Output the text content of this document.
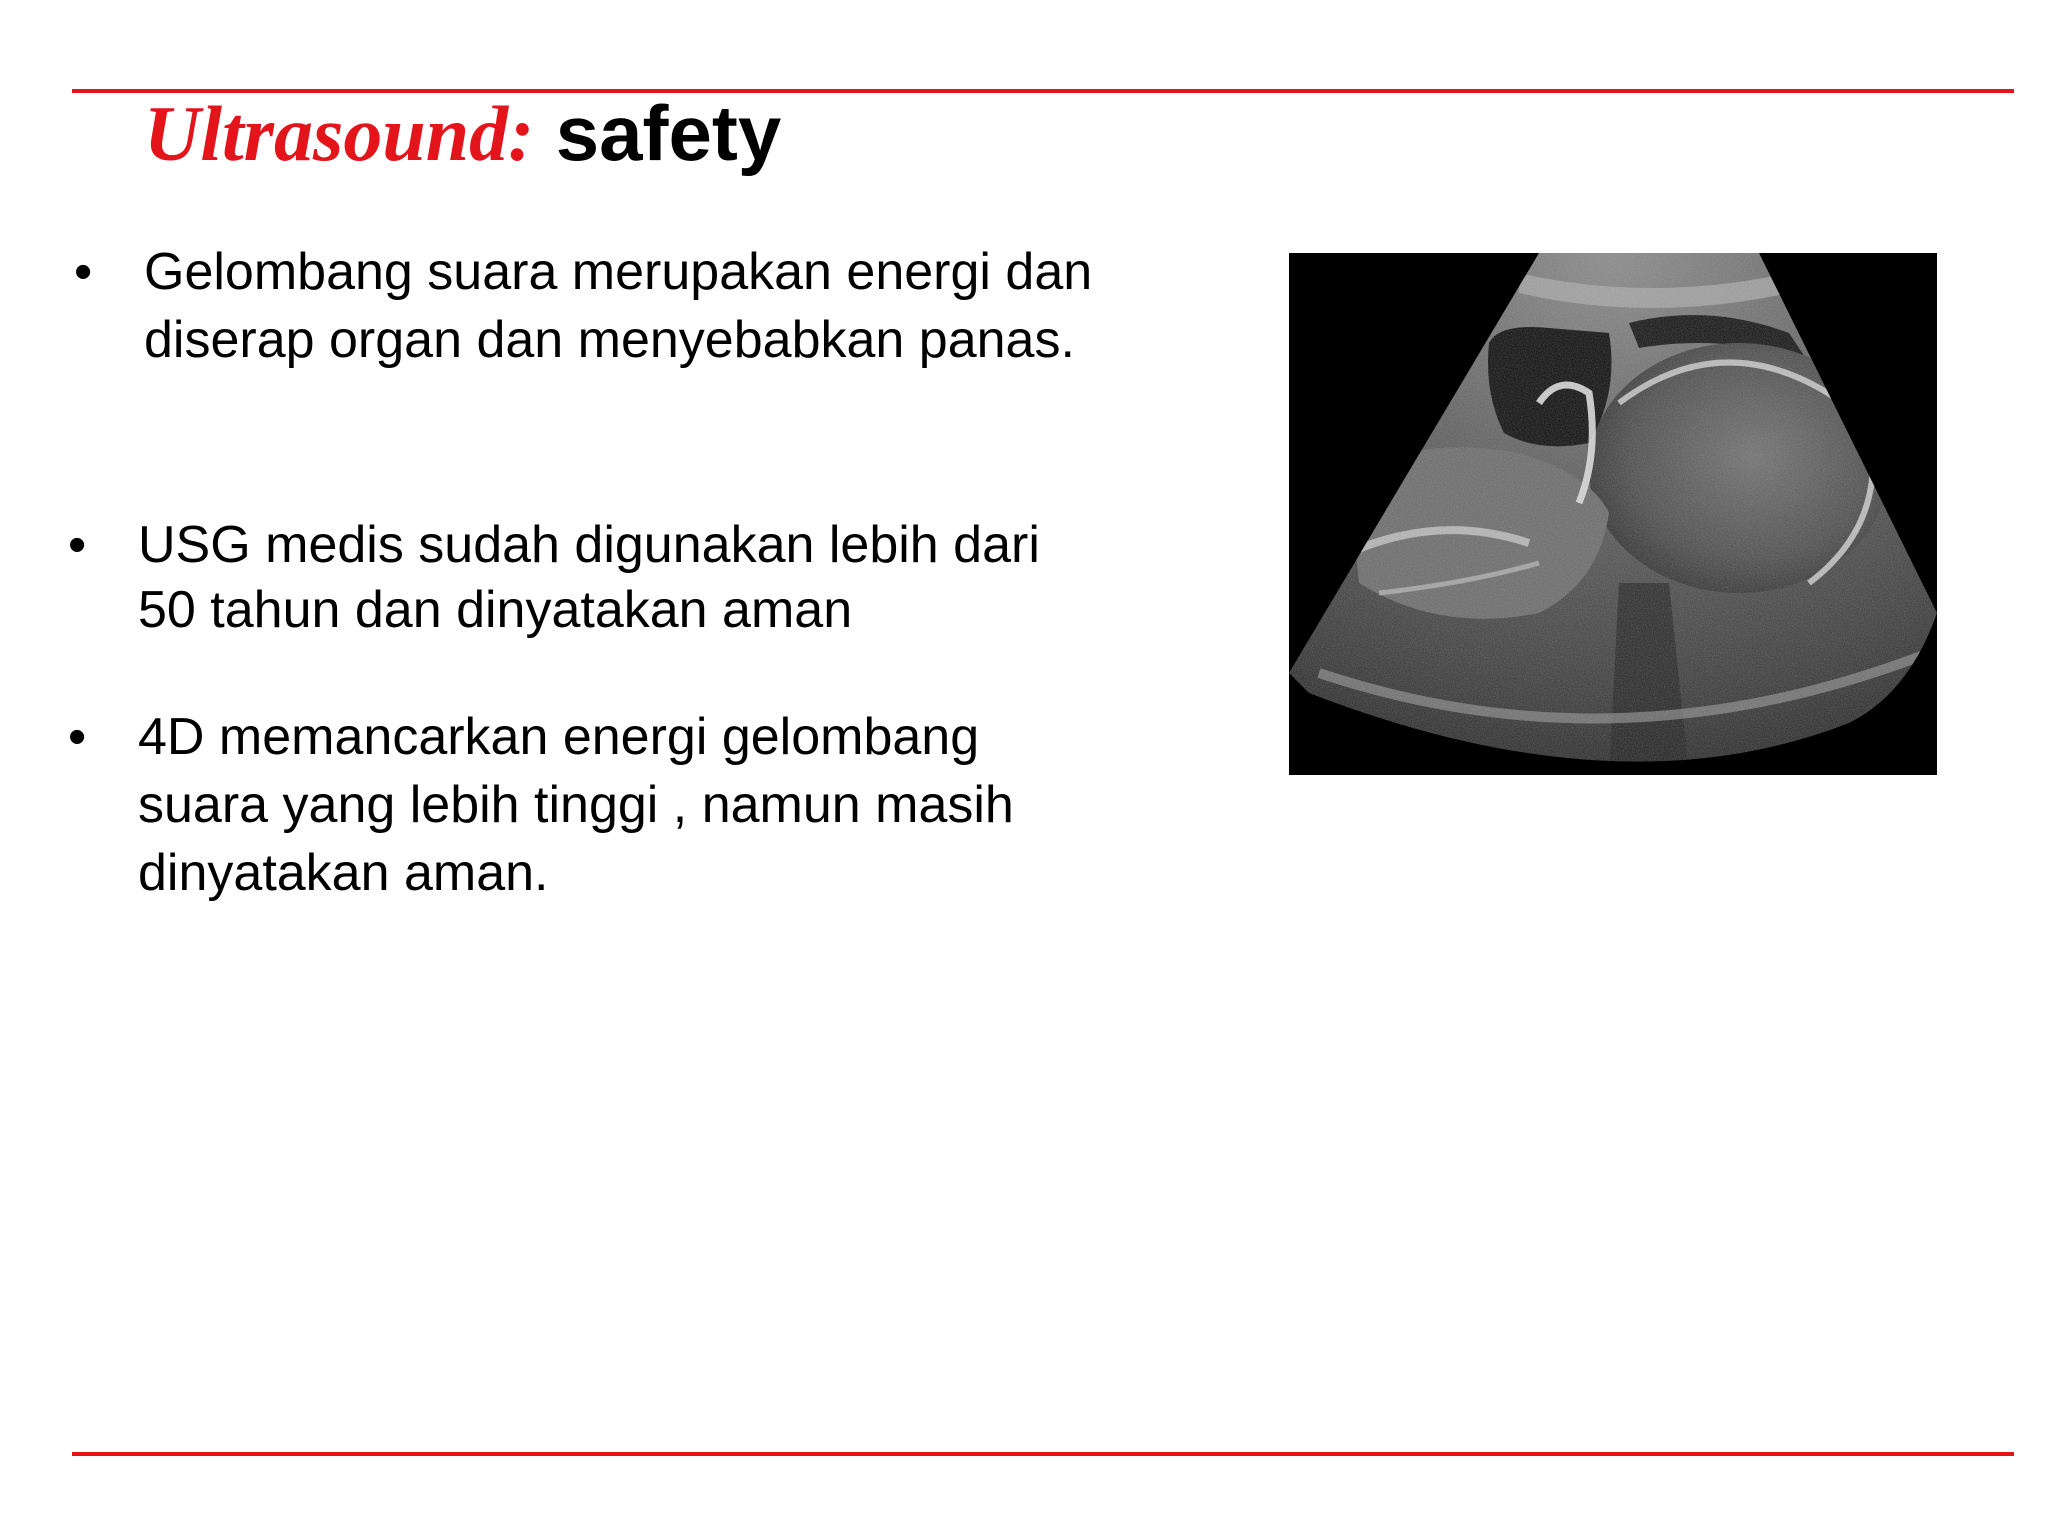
Ultrasound: safety
• Gelombang suara merupakan energi dan
diserap organ dan menyebabkan panas.
• USG medis sudah digunakan lebih dari
50 tahun dan dinyatakan aman
• 4D memancarkan energi gelombang
suara yang lebih tinggi , namun masih
dinyatakan aman.
